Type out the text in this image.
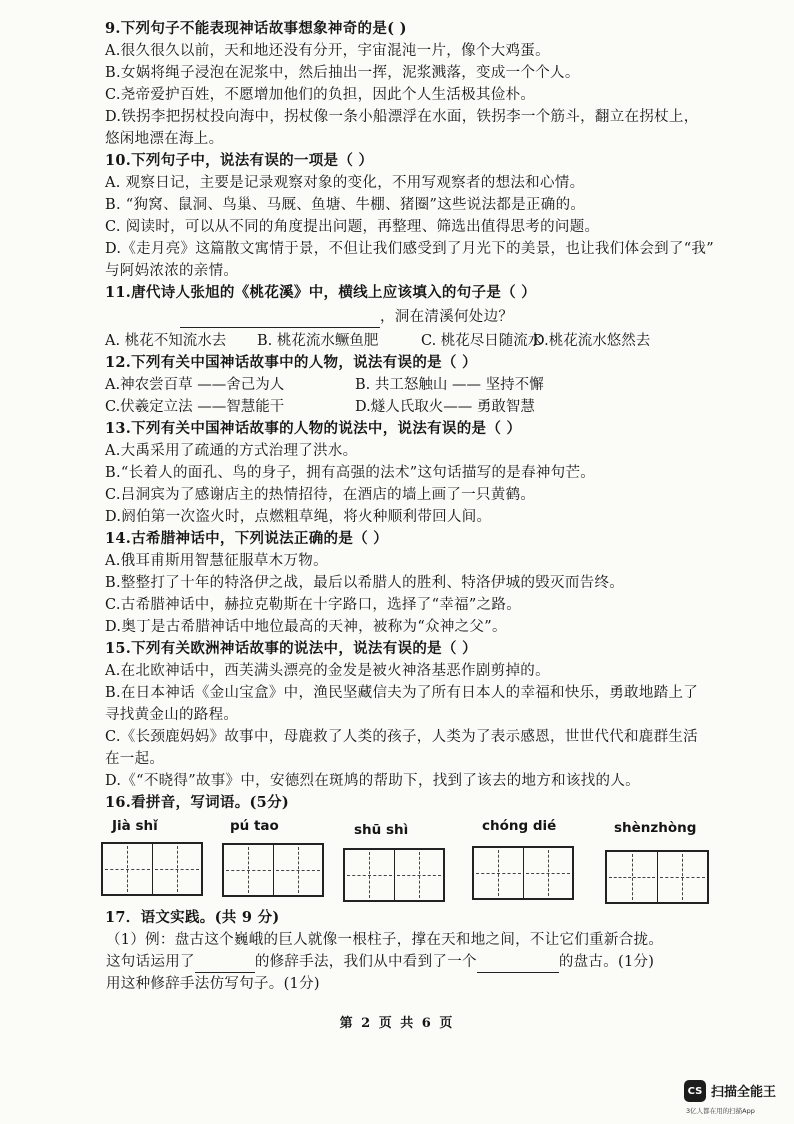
9.下列句子不能表现神话故事想象神奇的是( )
A.很久很久以前，天和地还没有分开，宇宙混沌一片，像个大鸡蛋。
B.女娲将绳子浸泡在泥浆中，然后抽出一挥，泥浆溅落，变成一个个人。
C.尧帝爱护百姓，不愿增加他们的负担，因此个人生活极其俭朴。
D.铁拐李把拐杖投向海中，拐杖像一条小船漂浮在水面，铁拐李一个筋斗，翻立在拐杖上，
悠闲地漂在海上。
10.下列句子中，说法有误的一项是（ ）
A. 观察日记，主要是记录观察对象的变化，不用写观察者的想法和心情。
B. “狗窝、鼠洞、鸟巢、马厩、鱼塘、牛棚、猪圈”这些说法都是正确的。
C. 阅读时，可以从不同的角度提出问题，再整理、筛选出值得思考的问题。
D.《走月亮》这篇散文寓情于景，不但让我们感受到了月光下的美景，也让我们体会到了“我”
与阿妈浓浓的亲情。
11.唐代诗人张旭的《桃花溪》中，横线上应该填入的句子是（ ）
，洞在清溪何处边？
A. 桃花不知流水去 B. 桃花流水鳜鱼肥	C. 桃花尽日随流水
D.桃花流水悠然去
12.下列有关中国神话故事中的人物，说法有误的是（ ）
A.神农尝百草 ——舍己为人	B. 共工怒触山 —— 坚持不懈
C.伏羲定立法 ——智慧能干	D.燧人氏取火—— 勇敢智慧
13.下列有关中国神话故事的人物的说法中，说法有误的是（ ）
A.大禹采用了疏通的方式治理了洪水。
B.“长着人的面孔、鸟的身子，拥有高强的法术”这句话描写的是春神句芒。
C.吕洞宾为了感谢店主的热情招待，在酒店的墙上画了一只黄鹤。
D.阏伯第一次盗火时，点燃粗草绳，将火种顺利带回人间。
14.古希腊神话中，下列说法正确的是（ ）
A.俄耳甫斯用智慧征服草木万物。
B.整整打了十年的特洛伊之战，最后以希腊人的胜利、特洛伊城的毁灭而告终。
C.古希腊神话中，赫拉克勒斯在十字路口，选择了“幸福”之路。
D.奥丁是古希腊神话中地位最高的天神，被称为“众神之父”。
15.下列有关欧洲神话故事的说法中，说法有误的是（ ）
A.在北欧神话中，西芙满头漂亮的金发是被火神洛基恶作剧剪掉的。
B.在日本神话《金山宝盒》中，渔民坚藏信夫为了所有日本人的幸福和快乐，勇敢地踏上了
寻找黄金山的路程。
C.《长颈鹿妈妈》故事中，母鹿救了人类的孩子，人类为了表示感恩，世世代代和鹿群生活
在一起。
D.《“不晓得”故事》中，安德烈在斑鸠的帮助下，找到了该去的地方和该找的人。
16.看拼音，写词语。(5分)
Jià shǐ	pú tao	shū shì	chóng dié	shènzhòng
17．语文实践。(共 9 分)
（1）例：盘古这个巍峨的巨人就像一根柱子，撑在天和地之间，不让它们重新合拢。
这句话运用了	的修辞手法，我们从中看到了一个	的盘古。(1分)
用这种修辞手法仿写句子。(1分)
第 2 页 共 6 页
CS 扫描全能王
3亿人都在用的扫描App
